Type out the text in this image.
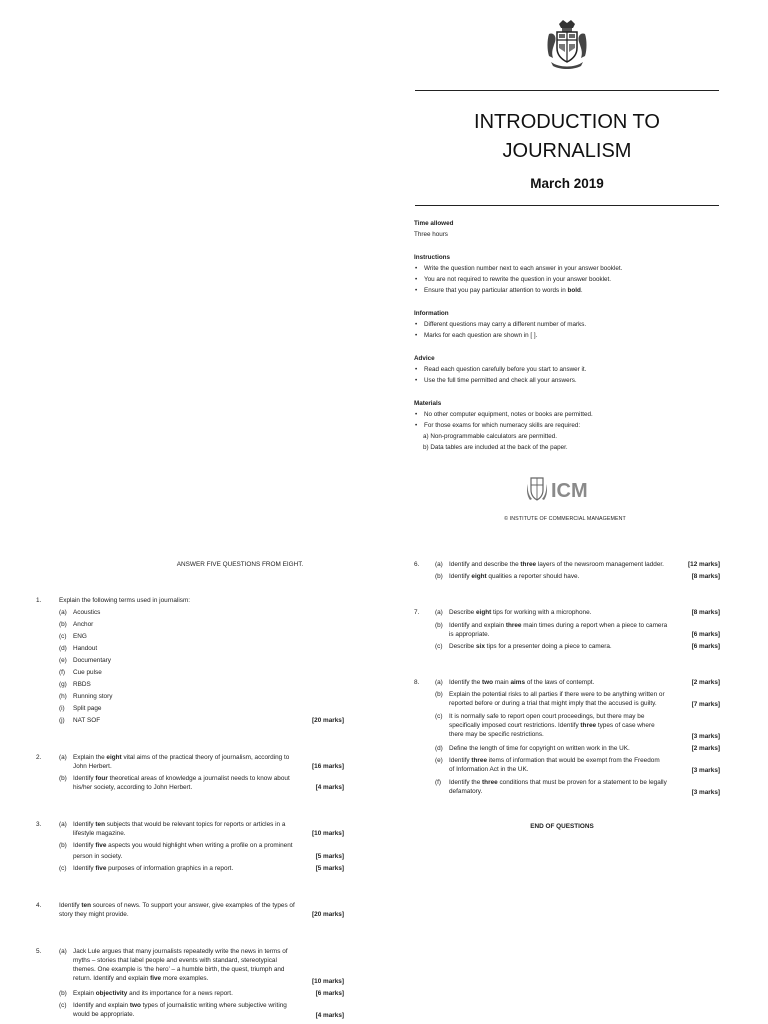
INTRODUCTION TO
JOURNALISM
March 2019
Time allowed
Three hours
Instructions
• Write the question number next to each answer in your answer booklet.
• You are not required to rewrite the question in your answer booklet.
• Ensure that you pay particular attention to words in bold.
Information
• Different questions may carry a different number of marks.
• Marks for each question are shown in [ ].
Advice
• Read each question carefully before you start to answer it.
• Use the full time permitted and check all your answers.
Materials
• No other computer equipment, notes or books are permitted.
• For those exams for which numeracy skills are required:
a) Non-programmable calculators are permitted.
b) Data tables are included at the back of the paper.
ICM
© INSTITUTE OF COMMERCIAL MANAGEMENT
ANSWER FIVE QUESTIONS FROM EIGHT.
1.	Explain the following terms used in journalism:
(a) Acoustics
(b) Anchor
(c) ENG
(d) Handout
(e) Documentary
(f) Cue pulse
(g) RBDS
(h) Running story
(i) Split page
(j) NAT SOF	[20 marks]
2.	(a) Explain the eight vital aims of the practical theory of journalism, according to
John Herbert.	[16 marks]
(b) Identify four theoretical areas of knowledge a journalist needs to know about
his/her society, according to John Herbert.	[4 marks]
3.	(a) Identify ten subjects that would be relevant topics for reports or articles in a
lifestyle magazine.	[10 marks]
(b) Identify five aspects you would highlight when writing a profile on a prominent
person in society.	[5 marks]
(c) Identify five purposes of information graphics in a report.	[5 marks]
4.	Identify ten sources of news. To support your answer, give examples of the types of
story they might provide.	[20 marks]
5.	(a) Jack Lule argues that many journalists repeatedly write the news in terms of
myths – stories that label people and events with standard, stereotypical
themes. One example is ‘the hero’ – a humble birth, the quest, triumph and
return. Identify and explain five more examples.	[10 marks]
(b) Explain objectivity and its importance for a news report.	[6 marks]
(c) Identify and explain two types of journalistic writing where subjective writing
would be appropriate.	[4 marks]
6. (a) Identify and describe the three layers of the newsroom management ladder.	[12 marks]
(b) Identify eight qualities a reporter should have.	[8 marks]
7. (a) Describe eight tips for working with a microphone.	[8 marks]
(b) Identify and explain three main times during a report when a piece to camera
is appropriate.	[6 marks]
(c) Describe six tips for a presenter doing a piece to camera.	[6 marks]
8. (a) Identify the two main aims of the laws of contempt.	[2 marks]
(b) Explain the potential risks to all parties if there were to be anything written or
reported before or during a trial that might imply that the accused is guilty.	[7 marks]
(c) It is normally safe to report open court proceedings, but there may be
specifically imposed court restrictions. Identify three types of case where
there may be specific restrictions.	[3 marks]
(d) Define the length of time for copyright on written work in the UK.	[2 marks]
(e) Identify three items of information that would be exempt from the Freedom
of Information Act in the UK.	[3 marks]
(f) Identify the three conditions that must be proven for a statement to be legally
defamatory.	[3 marks]
END OF QUESTIONS
